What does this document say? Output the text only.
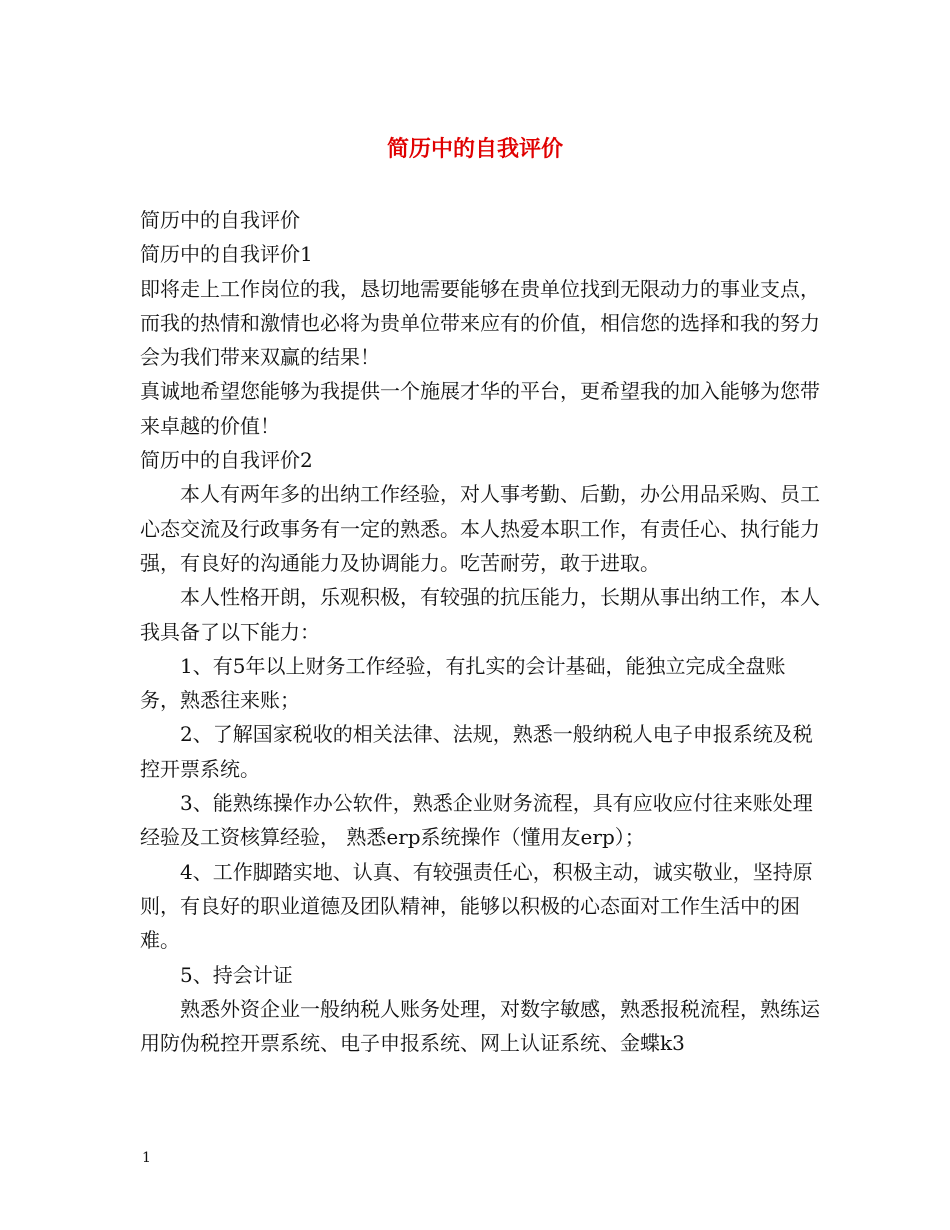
简历中的自我评价

简历中的自我评价

简历中的自我评价1

即将走上工作岗位的我，恳切地需要能够在贵单位找到无限动力的事业支点，而我的热情和激情也必将为贵单位带来应有的价值，相信您的选择和我的努力会为我们带来双赢的结果！

真诚地希望您能够为我提供一个施展才华的平台，更希望我的加入能够为您带来卓越的价值！

简历中的自我评价2

本人有两年多的出纳工作经验，对人事考勤、后勤，办公用品采购、员工心态交流及行政事务有一定的熟悉。本人热爱本职工作，有责任心、执行能力强，有良好的沟通能力及协调能力。吃苦耐劳，敢于进取。

本人性格开朗，乐观积极，有较强的抗压能力，长期从事出纳工作，本人我具备了以下能力：

1、有5年以上财务工作经验，有扎实的会计基础，能独立完成全盘账务，熟悉往来账；

2、了解国家税收的相关法律、法规，熟悉一般纳税人电子申报系统及税控开票系统。

3、能熟练操作办公软件，熟悉企业财务流程，具有应收应付往来账处理经验及工资核算经验， 熟悉erp系统操作（懂用友erp）；

4、工作脚踏实地、认真、有较强责任心，积极主动，诚实敬业，坚持原则，有良好的职业道德及团队精神，能够以积极的心态面对工作生活中的困难。

5、持会计证

熟悉外资企业一般纳税人账务处理，对数字敏感，熟悉报税流程，熟练运用防伪税控开票系统、电子申报系统、网上认证系统、金蝶k3

1
